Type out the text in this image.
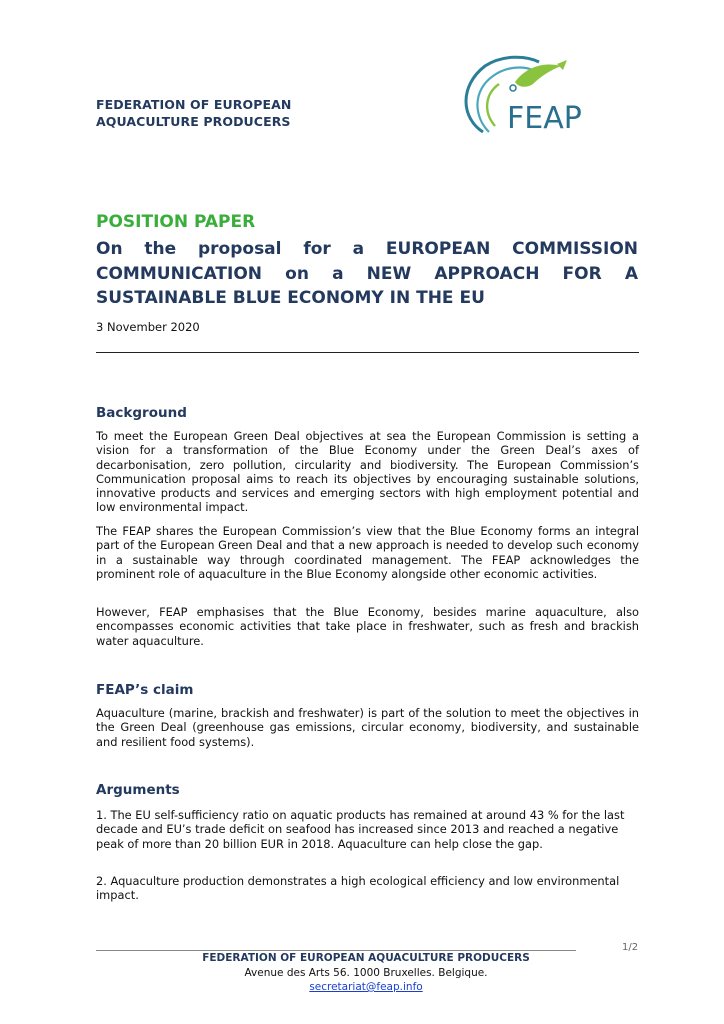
FEDERATION OF EUROPEAN
AQUACULTURE PRODUCERS	FEAP
POSITION PAPER
On the proposal for a EUROPEAN COMMISSION
COMMUNICATION on a NEW APPROACH FOR A
SUSTAINABLE BLUE ECONOMY IN THE EU
3 November 2020
Background
To meet the European Green Deal objectives at sea the European Commission is setting a vision for a transformation of the Blue Economy under the Green Deal’s axes of decarbonisation, zero pollution, circularity and biodiversity. The European Commission’s Communication proposal aims to reach its objectives by encouraging sustainable solutions, innovative products and services and emerging sectors with high employment potential and low environmental impact.
The FEAP shares the European Commission’s view that the Blue Economy forms an integral part of the European Green Deal and that a new approach is needed to develop such economy in a sustainable way through coordinated management. The FEAP acknowledges the prominent role of aquaculture in the Blue Economy alongside other economic activities.
However, FEAP emphasises that the Blue Economy, besides marine aquaculture, also encompasses economic activities that take place in freshwater, such as fresh and brackish water aquaculture.
FEAP’s claim
Aquaculture (marine, brackish and freshwater) is part of the solution to meet the objectives in the Green Deal (greenhouse gas emissions, circular economy, biodiversity, and sustainable and resilient food systems).
Arguments
1. The EU self-sufficiency ratio on aquatic products has remained at around 43 % for the last decade and EU’s trade deficit on seafood has increased since 2013 and reached a negative peak of more than 20 billion EUR in 2018. Aquaculture can help close the gap.
2. Aquaculture production demonstrates a high ecological efficiency and low environmental impact.
1/2
FEDERATION OF EUROPEAN AQUACULTURE PRODUCERS
Avenue des Arts 56. 1000 Bruxelles. Belgique.
secretariat@feap.info
